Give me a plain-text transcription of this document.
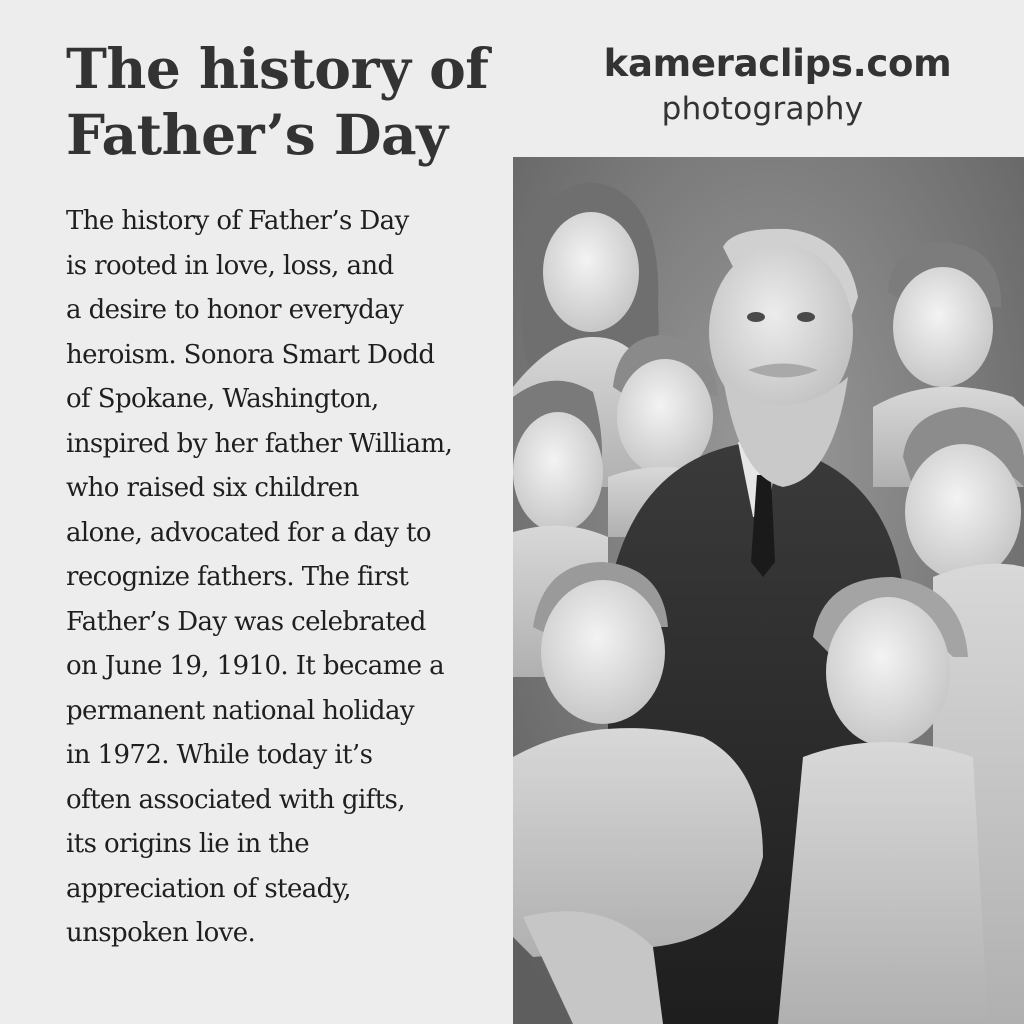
The history of
Father’s Day
kameraclips.com
photography
The history of Father’s Day
is rooted in love, loss, and
a desire to honor everyday
heroism. Sonora Smart Dodd
of Spokane, Washington,
inspired by her father William,
who raised six children
alone, advocated for a day to
recognize fathers. The first
Father’s Day was celebrated
on June 19, 1910. It became a
permanent national holiday
in 1972. While today it’s
often associated with gifts,
its origins lie in the
appreciation of steady,
unspoken love.
